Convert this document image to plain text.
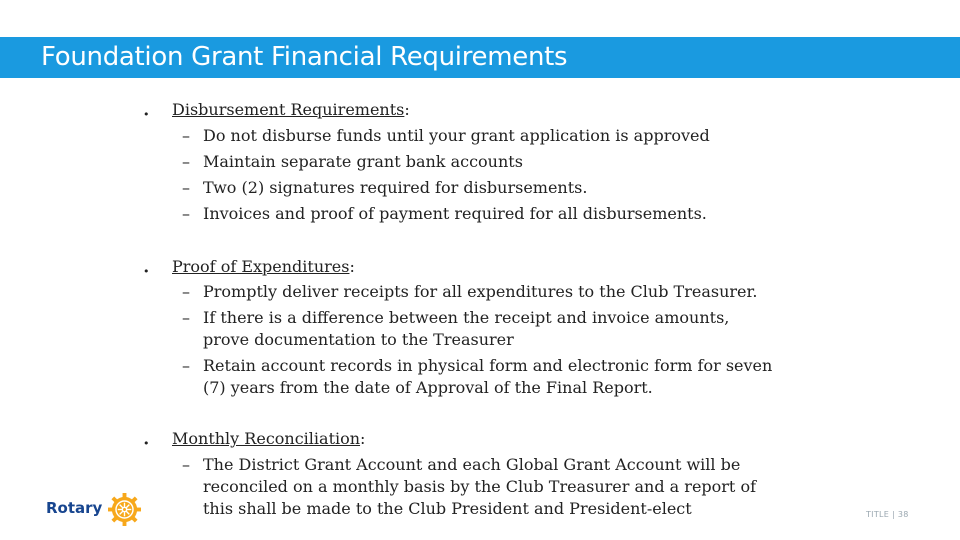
Foundation Grant Financial Requirements
• Disbursement Requirements:
– Do not disburse funds until your grant application is approved
– Maintain separate grant bank accounts
– Two (2) signatures required for disbursements.
– Invoices and proof of payment required for all disbursements.
• Proof of Expenditures:
– Promptly deliver receipts for all expenditures to the Club Treasurer.
– If there is a difference between the receipt and invoice amounts, prove documentation to the Treasurer
– Retain account records in physical form and electronic form for seven (7) years from the date of Approval of the Final Report.
• Monthly Reconciliation:
– The District Grant Account and each Global Grant Account will be reconciled on a monthly basis by the Club Treasurer and a report of this shall be made to the Club President and President-elect
Rotary	TITLE | 38
